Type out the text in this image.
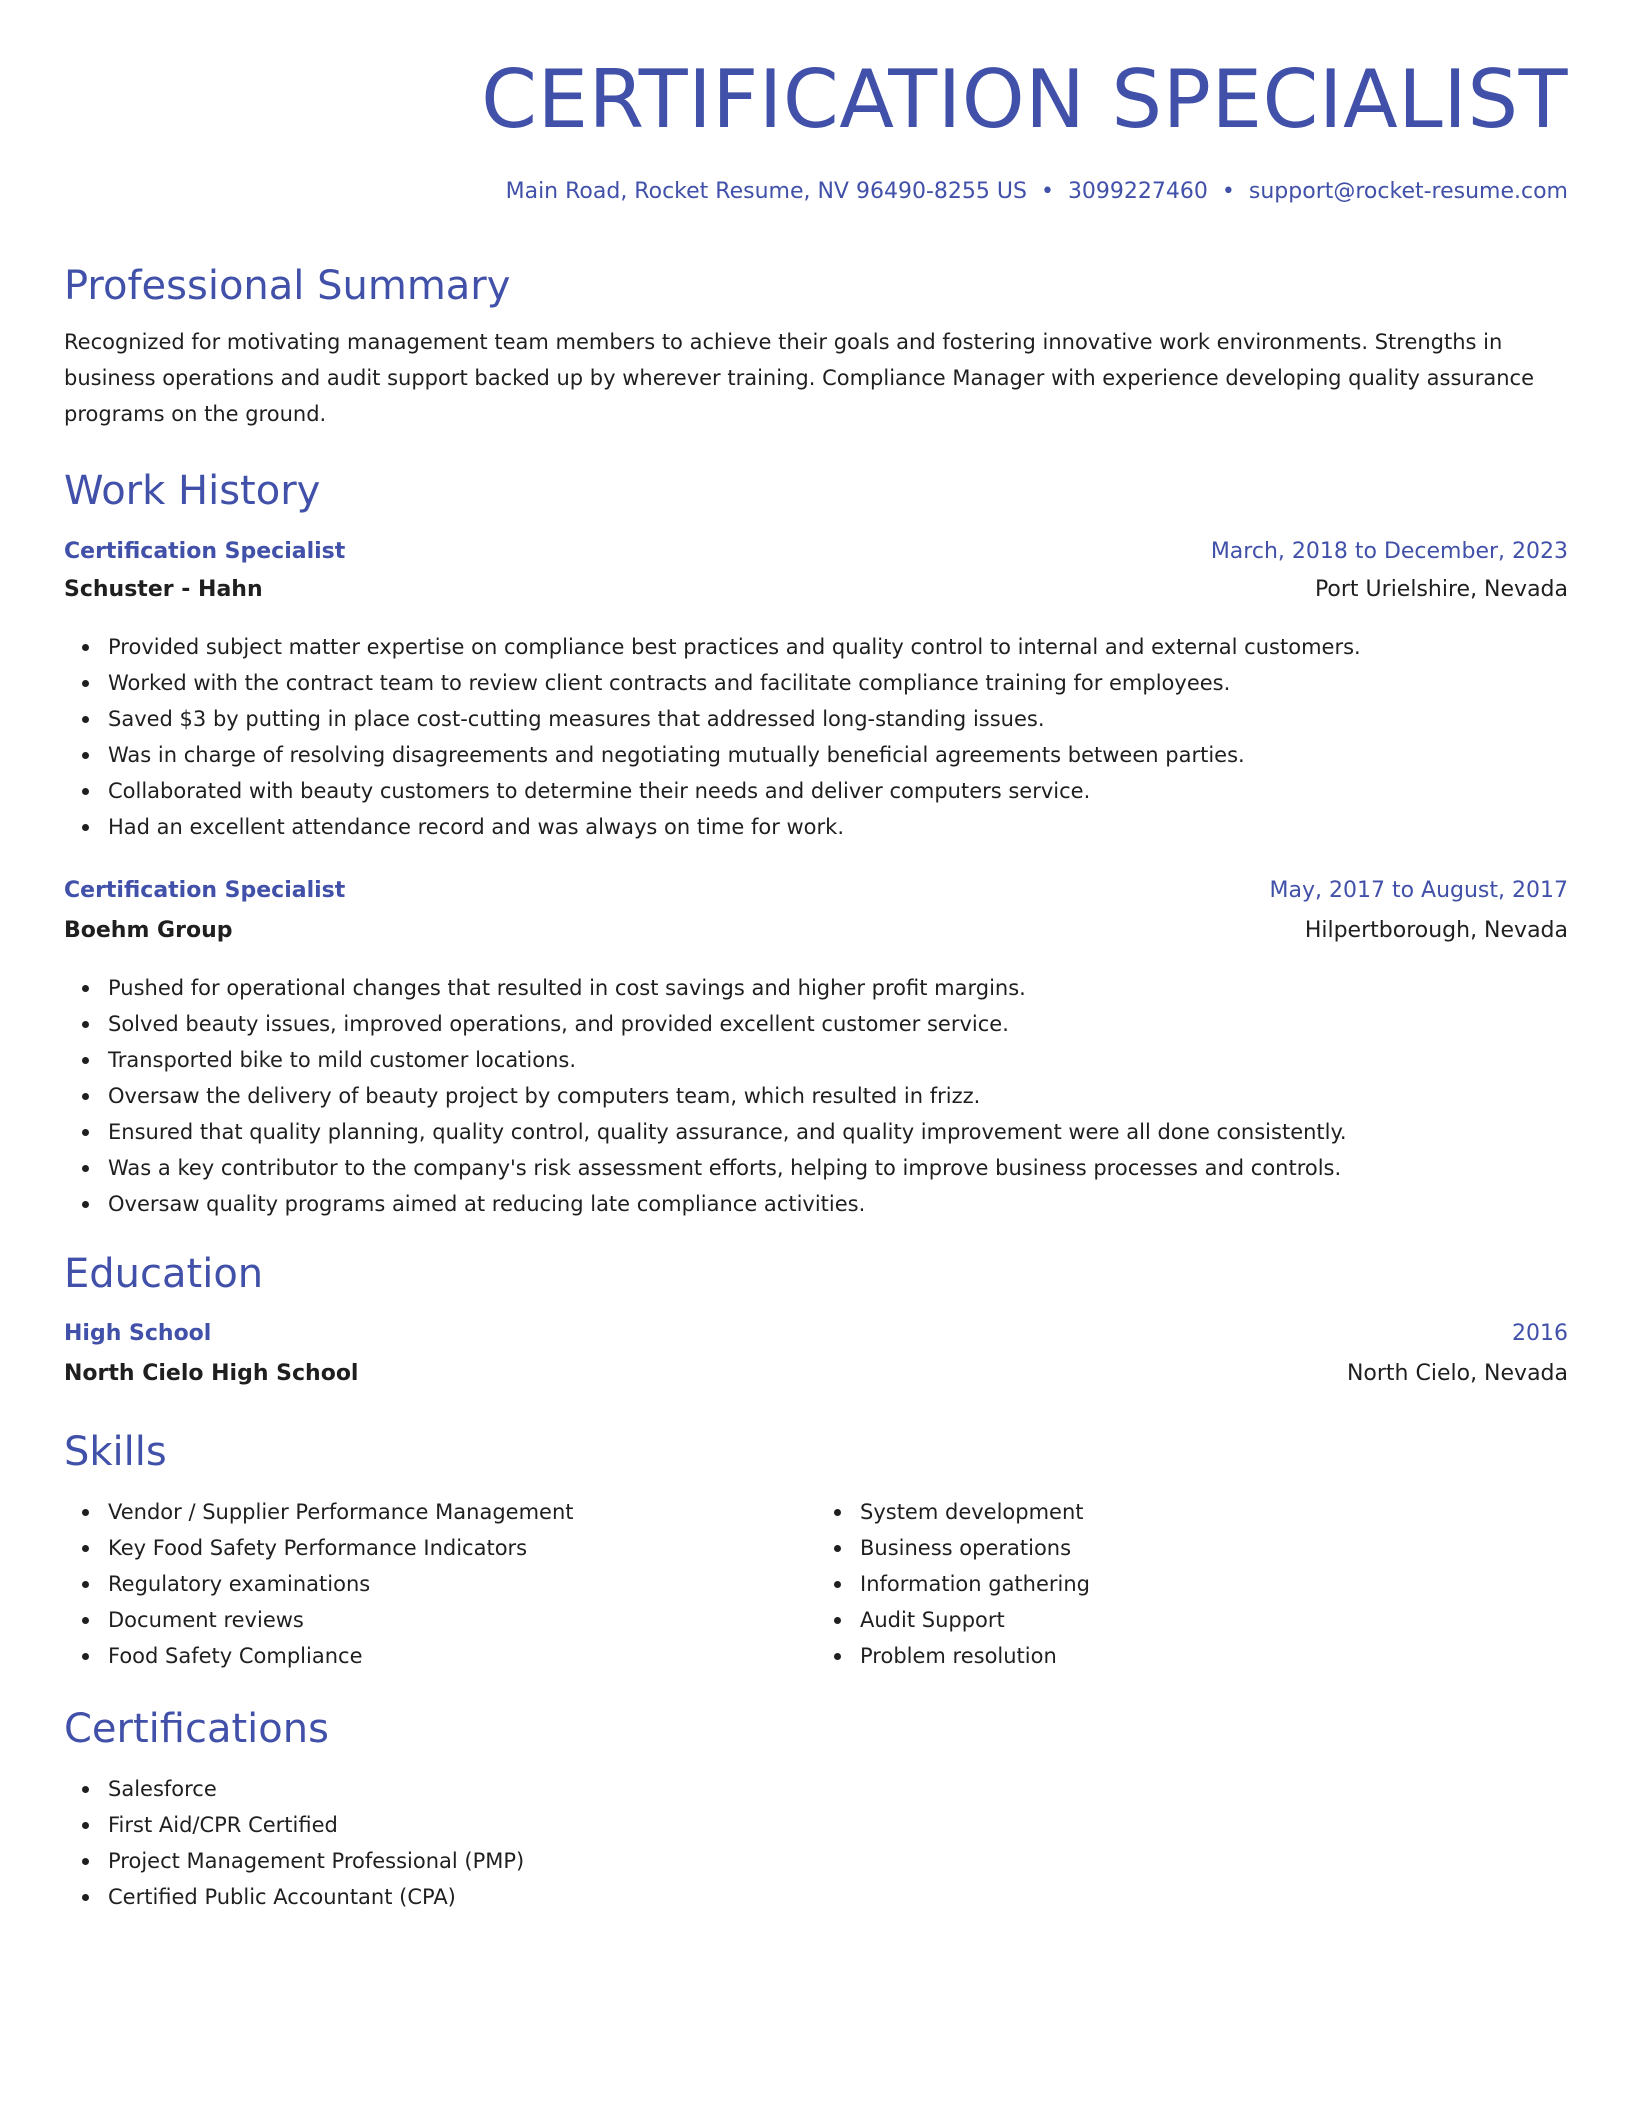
CERTIFICATION SPECIALIST
Main Road, Rocket Resume, NV 96490-8255 US • 3099227460 • support@rocket-resume.com
Professional Summary

Recognized for motivating management team members to achieve their goals and fostering innovative work environments. Strengths in business operations and audit support backed up by wherever training. Compliance Manager with experience developing quality assurance programs on the ground.

Work History
Certification Specialist	March, 2018 to December, 2023
Schuster - Hahn	Port Urielshire, Nevada
Provided subject matter expertise on compliance best practices and quality control to internal and external customers.
Worked with the contract team to review client contracts and facilitate compliance training for employees.
Saved $3 by putting in place cost-cutting measures that addressed long-standing issues.
Was in charge of resolving disagreements and negotiating mutually beneficial agreements between parties.
Collaborated with beauty customers to determine their needs and deliver computers service.
Had an excellent attendance record and was always on time for work.
Certification Specialist	May, 2017 to August, 2017
Boehm Group	Hilpertborough, Nevada
Pushed for operational changes that resulted in cost savings and higher profit margins.
Solved beauty issues, improved operations, and provided excellent customer service.
Transported bike to mild customer locations.
Oversaw the delivery of beauty project by computers team, which resulted in frizz.
Ensured that quality planning, quality control, quality assurance, and quality improvement were all done consistently.
Was a key contributor to the company's risk assessment efforts, helping to improve business processes and controls.
Oversaw quality programs aimed at reducing late compliance activities.
Education
High School	2016
North Cielo High School	North Cielo, Nevada
Skills
Vendor / Supplier Performance Management
Key Food Safety Performance Indicators
Regulatory examinations
Document reviews
Food Safety Compliance
System development
Business operations
Information gathering
Audit Support
Problem resolution
Certifications
Salesforce
First Aid/CPR Certified
Project Management Professional (PMP)
Certified Public Accountant (CPA)
